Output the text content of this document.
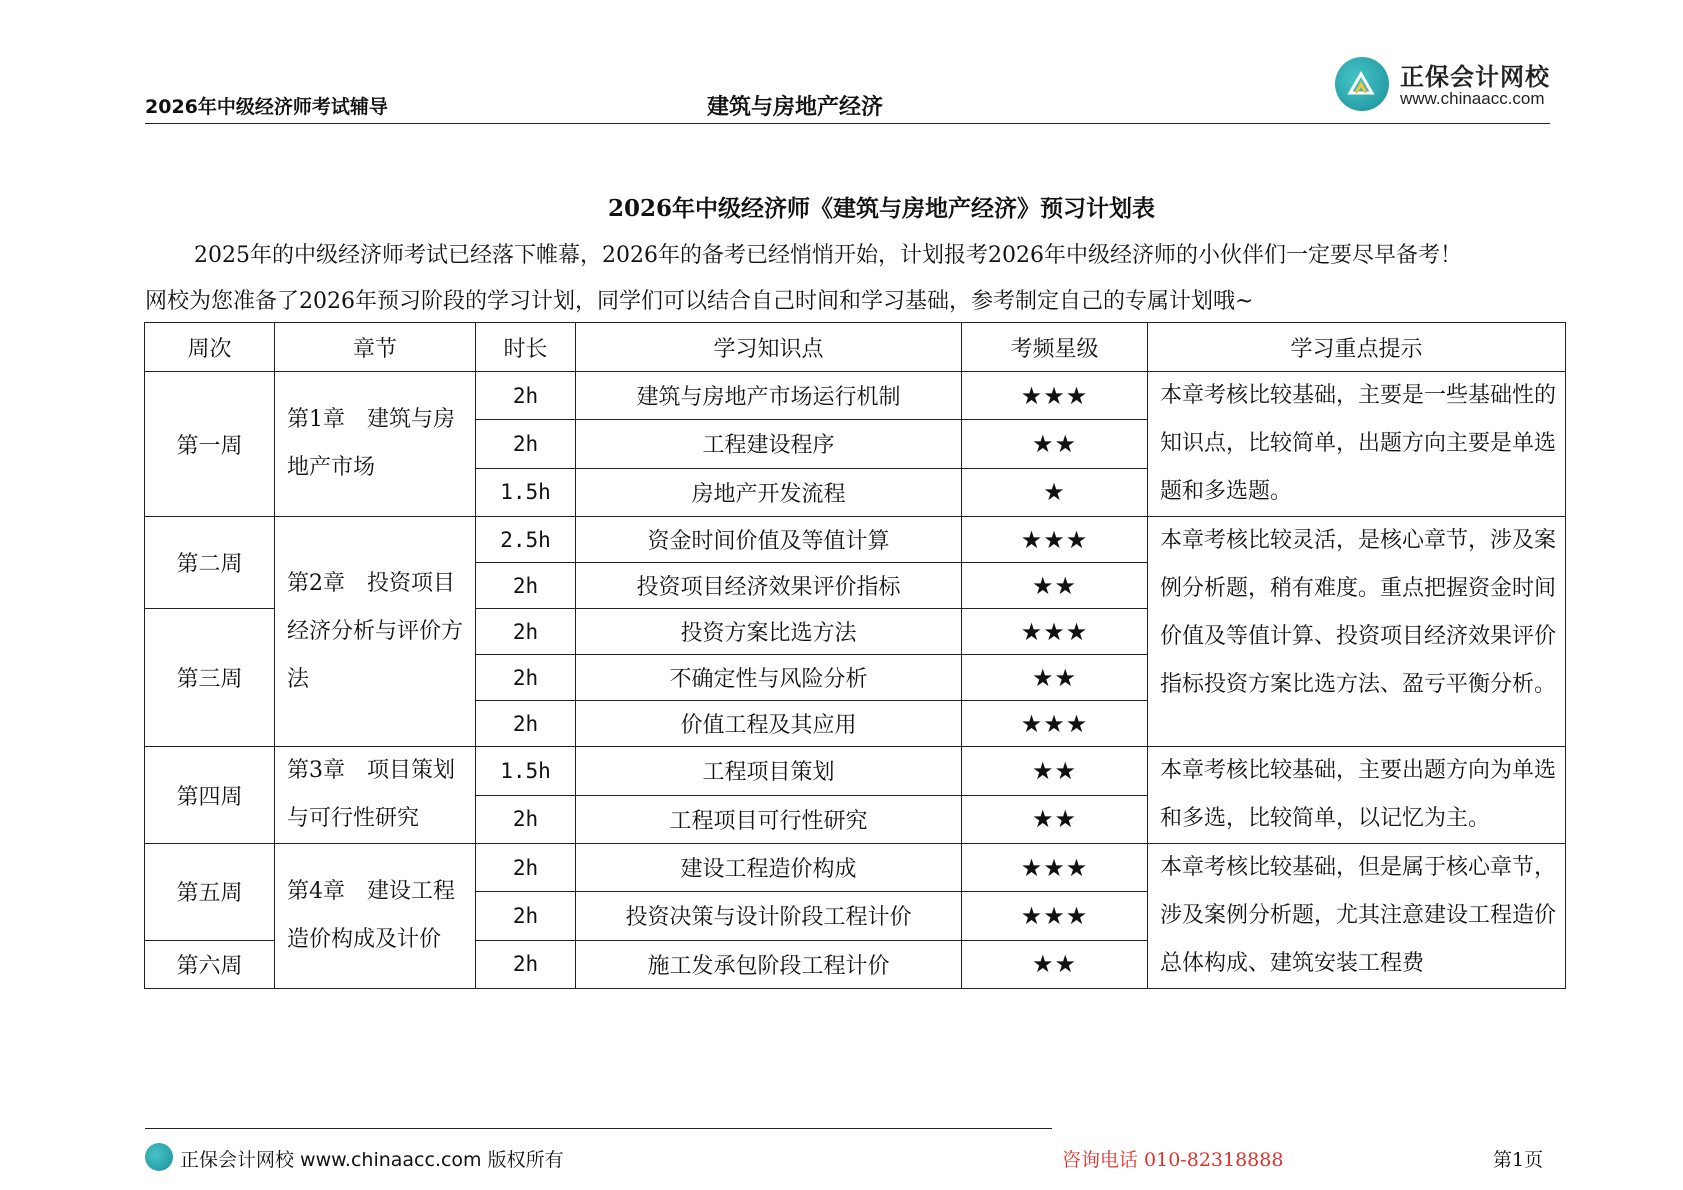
2026年中级经济师考试辅导	建筑与房地产经济
正保会计网校
www.chinaacc.com
2026年中级经济师《建筑与房地产经济》预习计划表

2025年的中级经济师考试已经落下帷幕，2026年的备考已经悄悄开始，计划报考2026年中级经济师的小伙伴们一定要尽早备考！

网校为您准备了2026年预习阶段的学习计划，同学们可以结合自己时间和学习基础，参考制定自己的专属计划哦~

周次	章节	时长	学习知识点	考频星级	学习重点提示
第一周	第1章　建筑与房地产市场	2h	建筑与房地产市场运行机制	★★★	本章考核比较基础，主要是一些基础性的知识点，比较简单，出题方向主要是单选题和多选题。

		2h	工程建设程序	★★	
		1.5h	房地产开发流程	★	
第二周	第2章　投资项目经济分析与评价方法	2.5h	资金时间价值及等值计算	★★★	本章考核比较灵活，是核心章节，涉及案例分析题，稍有难度。重点把握资金时间价值及等值计算、投资项目经济效果评价指标投资方案比选方法、盈亏平衡分析。

		2h	投资项目经济效果评价指标	★★	
第三周		2h	投资方案比选方法	★★★	
		2h	不确定性与风险分析	★★	
		2h	价值工程及其应用	★★★	
第四周	第3章　项目策划与可行性研究	1.5h	工程项目策划	★★	本章考核比较基础，主要出题方向为单选和多选，比较简单，以记忆为主。

		2h	工程项目可行性研究	★★	
第五周	第4章　建设工程造价构成及计价	2h	建设工程造价构成	★★★	本章考核比较基础，但是属于核心章节，涉及案例分析题，尤其注意建设工程造价总体构成、建筑安装工程费

		2h	投资决策与设计阶段工程计价	★★★	
第六周		2h	施工发承包阶段工程计价	★★	
正保会计网校 www.chinaacc.com 版权所有	咨询电话 010-82318888	第1页
